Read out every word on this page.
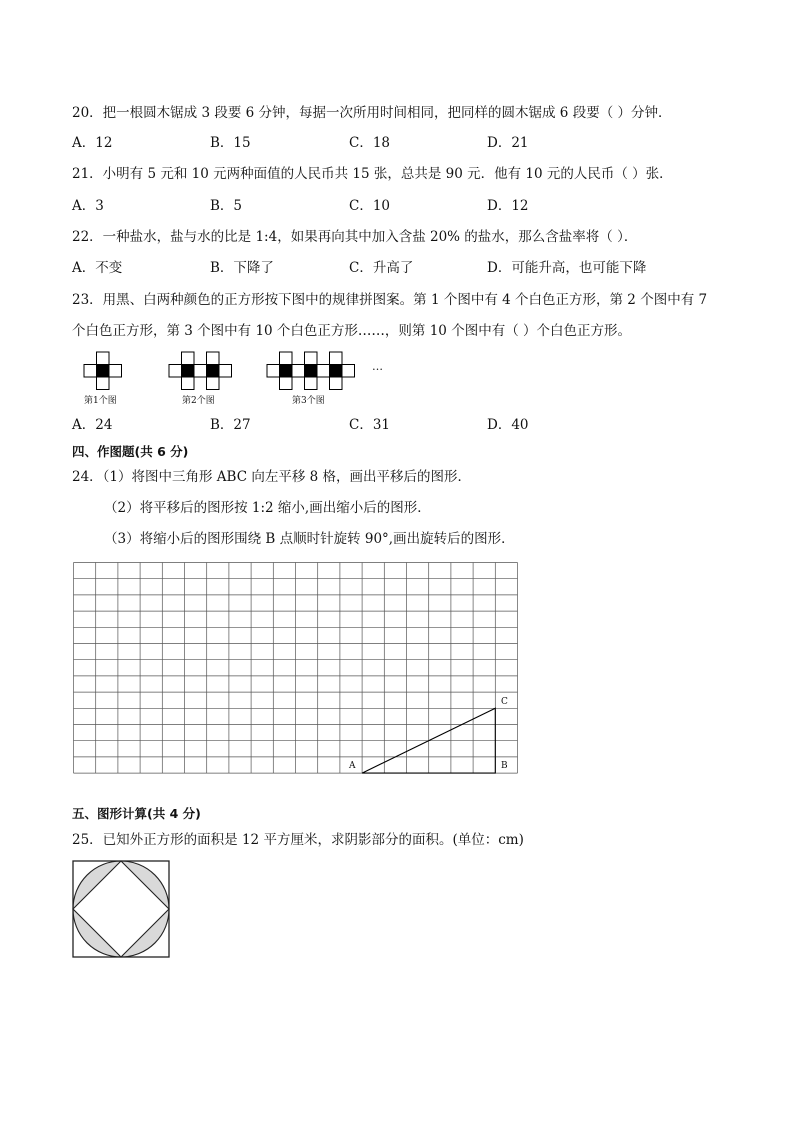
20．把一根圆木锯成 3 段要 6 分钟，每据一次所用时间相同，把同样的圆木锯成 6 段要（ ）分钟．
A．12	B．15	C．18	D．21
21．小明有 5 元和 10 元两种面值的人民币共 15 张，总共是 90 元．他有 10 元的人民币（ ）张．
A．3	B．5	C．10	D．12
22．一种盐水，盐与水的比是 1:4，如果再向其中加入含盐 20% 的盐水，那么含盐率将（ ）．
A．不变	B．下降了	C．升高了	D．可能升高，也可能下降
23．用黑、白两种颜色的正方形按下图中的规律拼图案。第 1 个图中有 4 个白色正方形，第 2 个图中有 7
个白色正方形，第 3 个图中有 10 个白色正方形……，则第 10 个图中有（ ）个白色正方形。
第1个图	第2个图	第3个图
…
A．24	B．27	C．31	D．40
四、作图题(共 6 分)
24．（1）将图中三角形 ABC 向左平移 8 格，画出平移后的图形．
（2）将平移后的图形按 1:2 缩小,画出缩小后的图形．
（3）将缩小后的图形围绕 B 点顺时针旋转 90°,画出旋转后的图形．
A	B
C
五、图形计算(共 4 分)
25．已知外正方形的面积是 12 平方厘米，求阴影部分的面积。(单位：cm)
